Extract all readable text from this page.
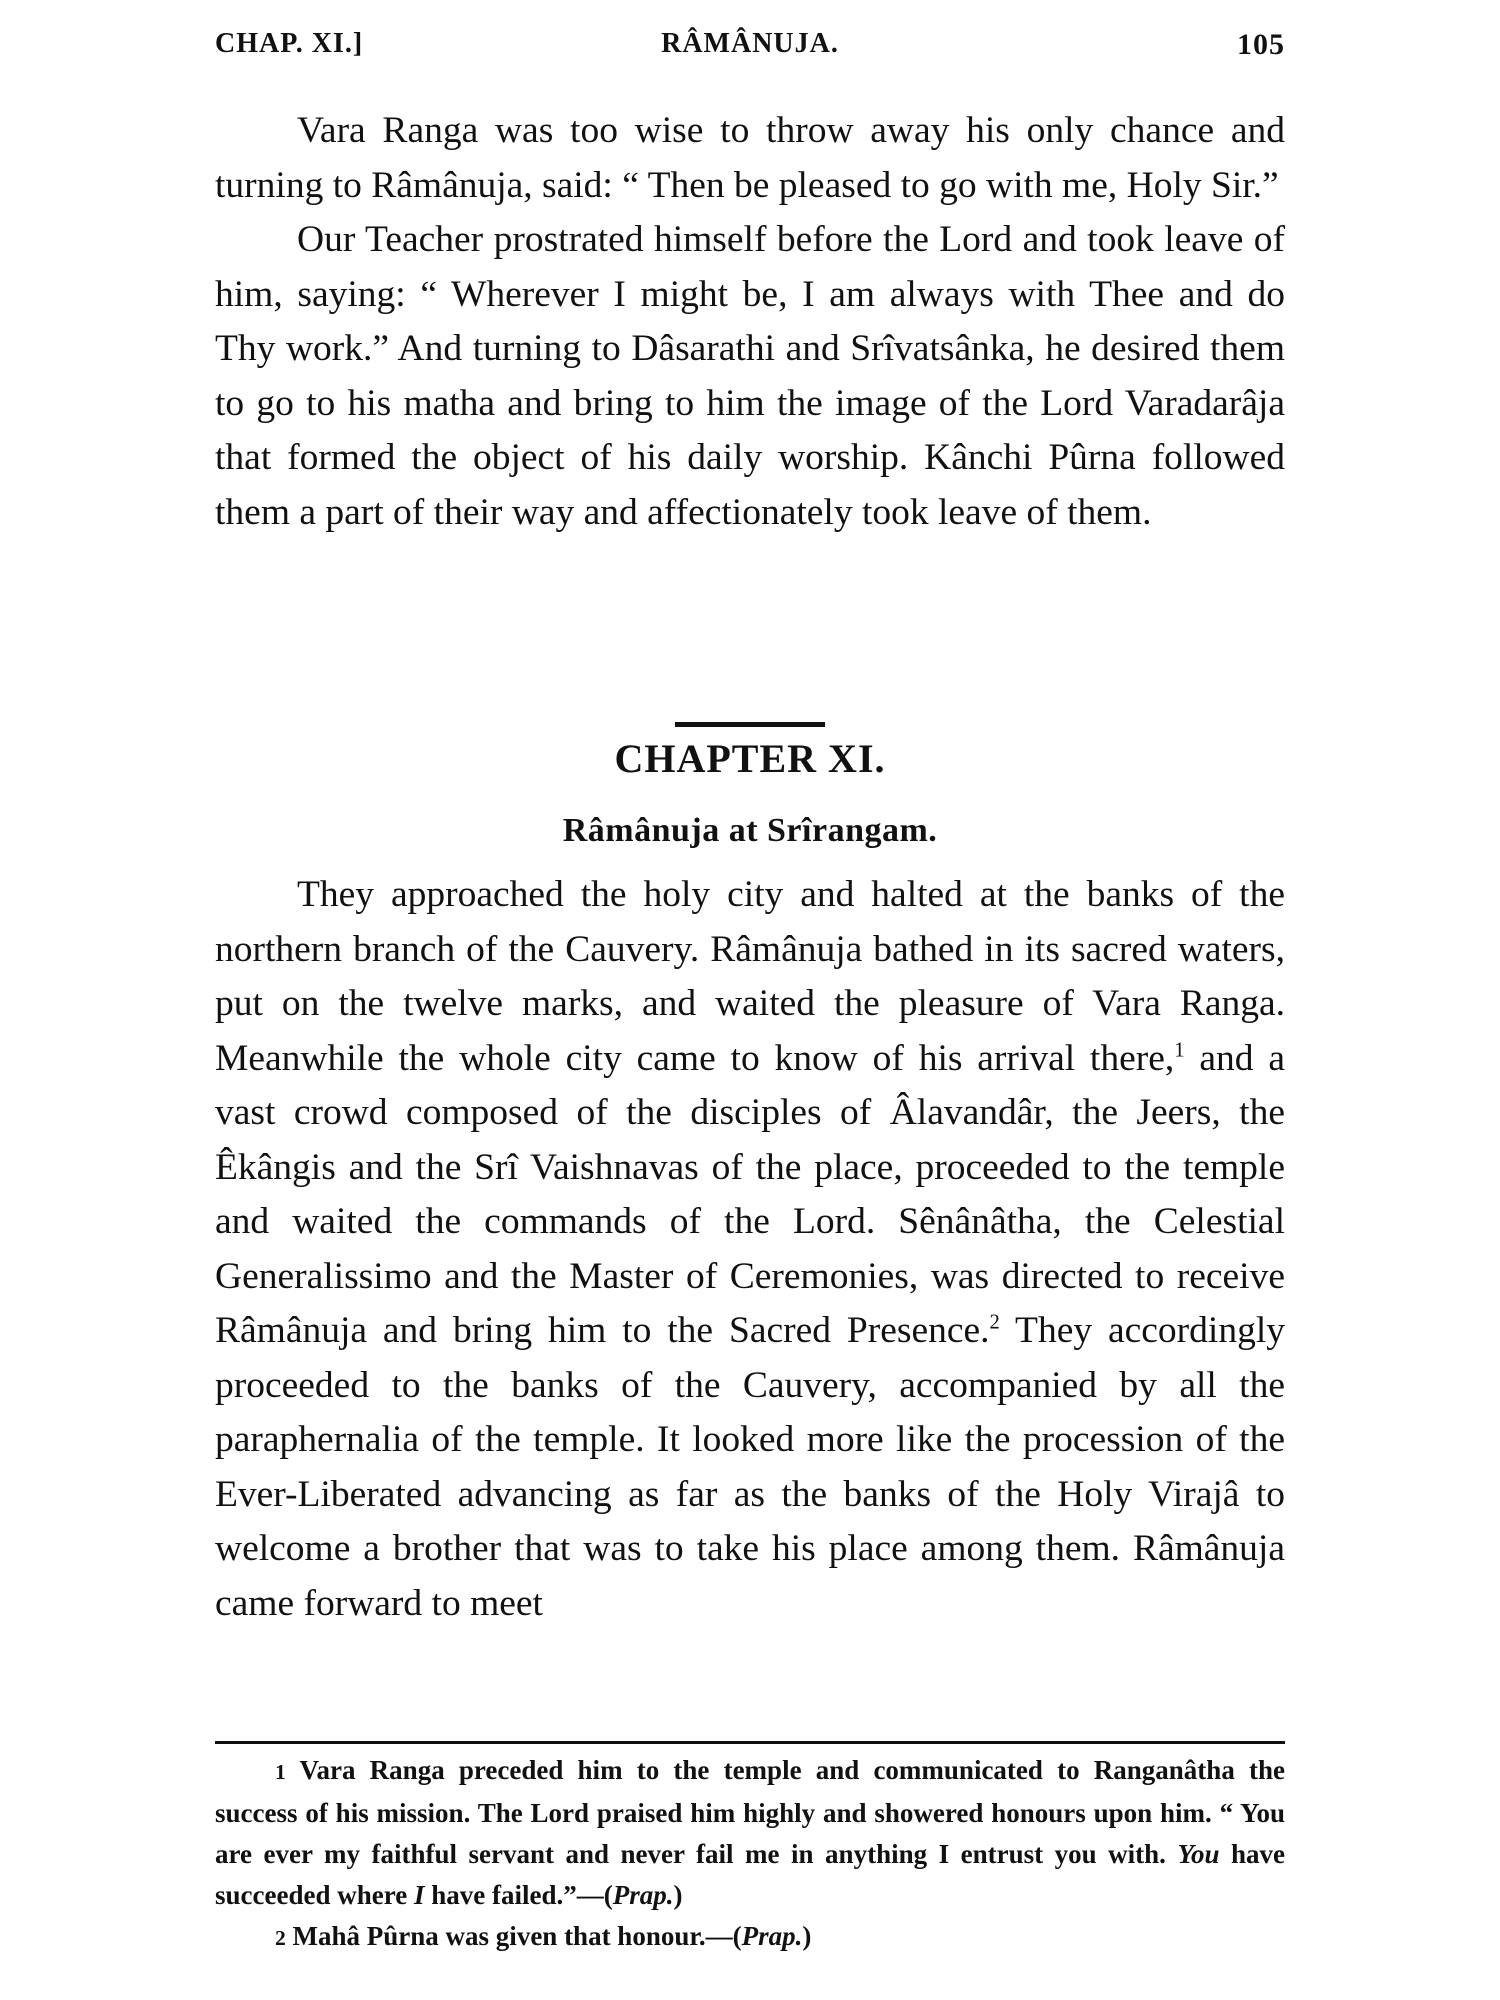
CHAP. XI.]	RÂMÂNUJA.	105

Vara Ranga was too wise to throw away his only chance and turning to Râmânuja, said: “ Then be pleased to go with me, Holy Sir.”

Our Teacher prostrated himself before the Lord and took leave of him, saying: “ Wherever I might be, I am always with Thee and do Thy work.” And turning to Dâsarathi and Srîvatsânka, he desired them to go to his matha and bring to him the image of the Lord Varadarâja that formed the object of his daily worship. Kânchi Pûrna followed them a part of their way and affectionately took leave of them.

CHAPTER XI.
Râmânuja at Srîrangam.

They approached the holy city and halted at the banks of the northern branch of the Cauvery. Râmânuja bathed in its sacred waters, put on the twelve marks, and waited the pleasure of Vara Ranga. Meanwhile the whole city came to know of his arrival there,$^1$ and a vast crowd composed of the disciples of Âlavandâr, the Jeers, the Êkângis and the Srî Vaishnavas of the place, proceeded to the temple and waited the commands of the Lord. Sênânâtha, the Celestial Generalissimo and the Master of Ceremonies, was directed to receive Râmânuja and bring him to the Sacred Presence.$^2$ They accordingly proceeded to the banks of the Cauvery, accompanied by all the paraphernalia of the temple. It looked more like the procession of the Ever-Liberated advancing as far as the banks of the Holy Virajâ to welcome a brother that was to take his place among them. Râmânuja came forward to meet

1 Vara Ranga preceded him to the temple and communicated to Ranganâtha the success of his mission. The Lord praised him highly and showered honours upon him. “ You are ever my faithful servant and never fail me in anything I entrust you with. You have succeeded where I have failed.”—(Prap.)

2 Mahâ Pûrna was given that honour.—(Prap.)
